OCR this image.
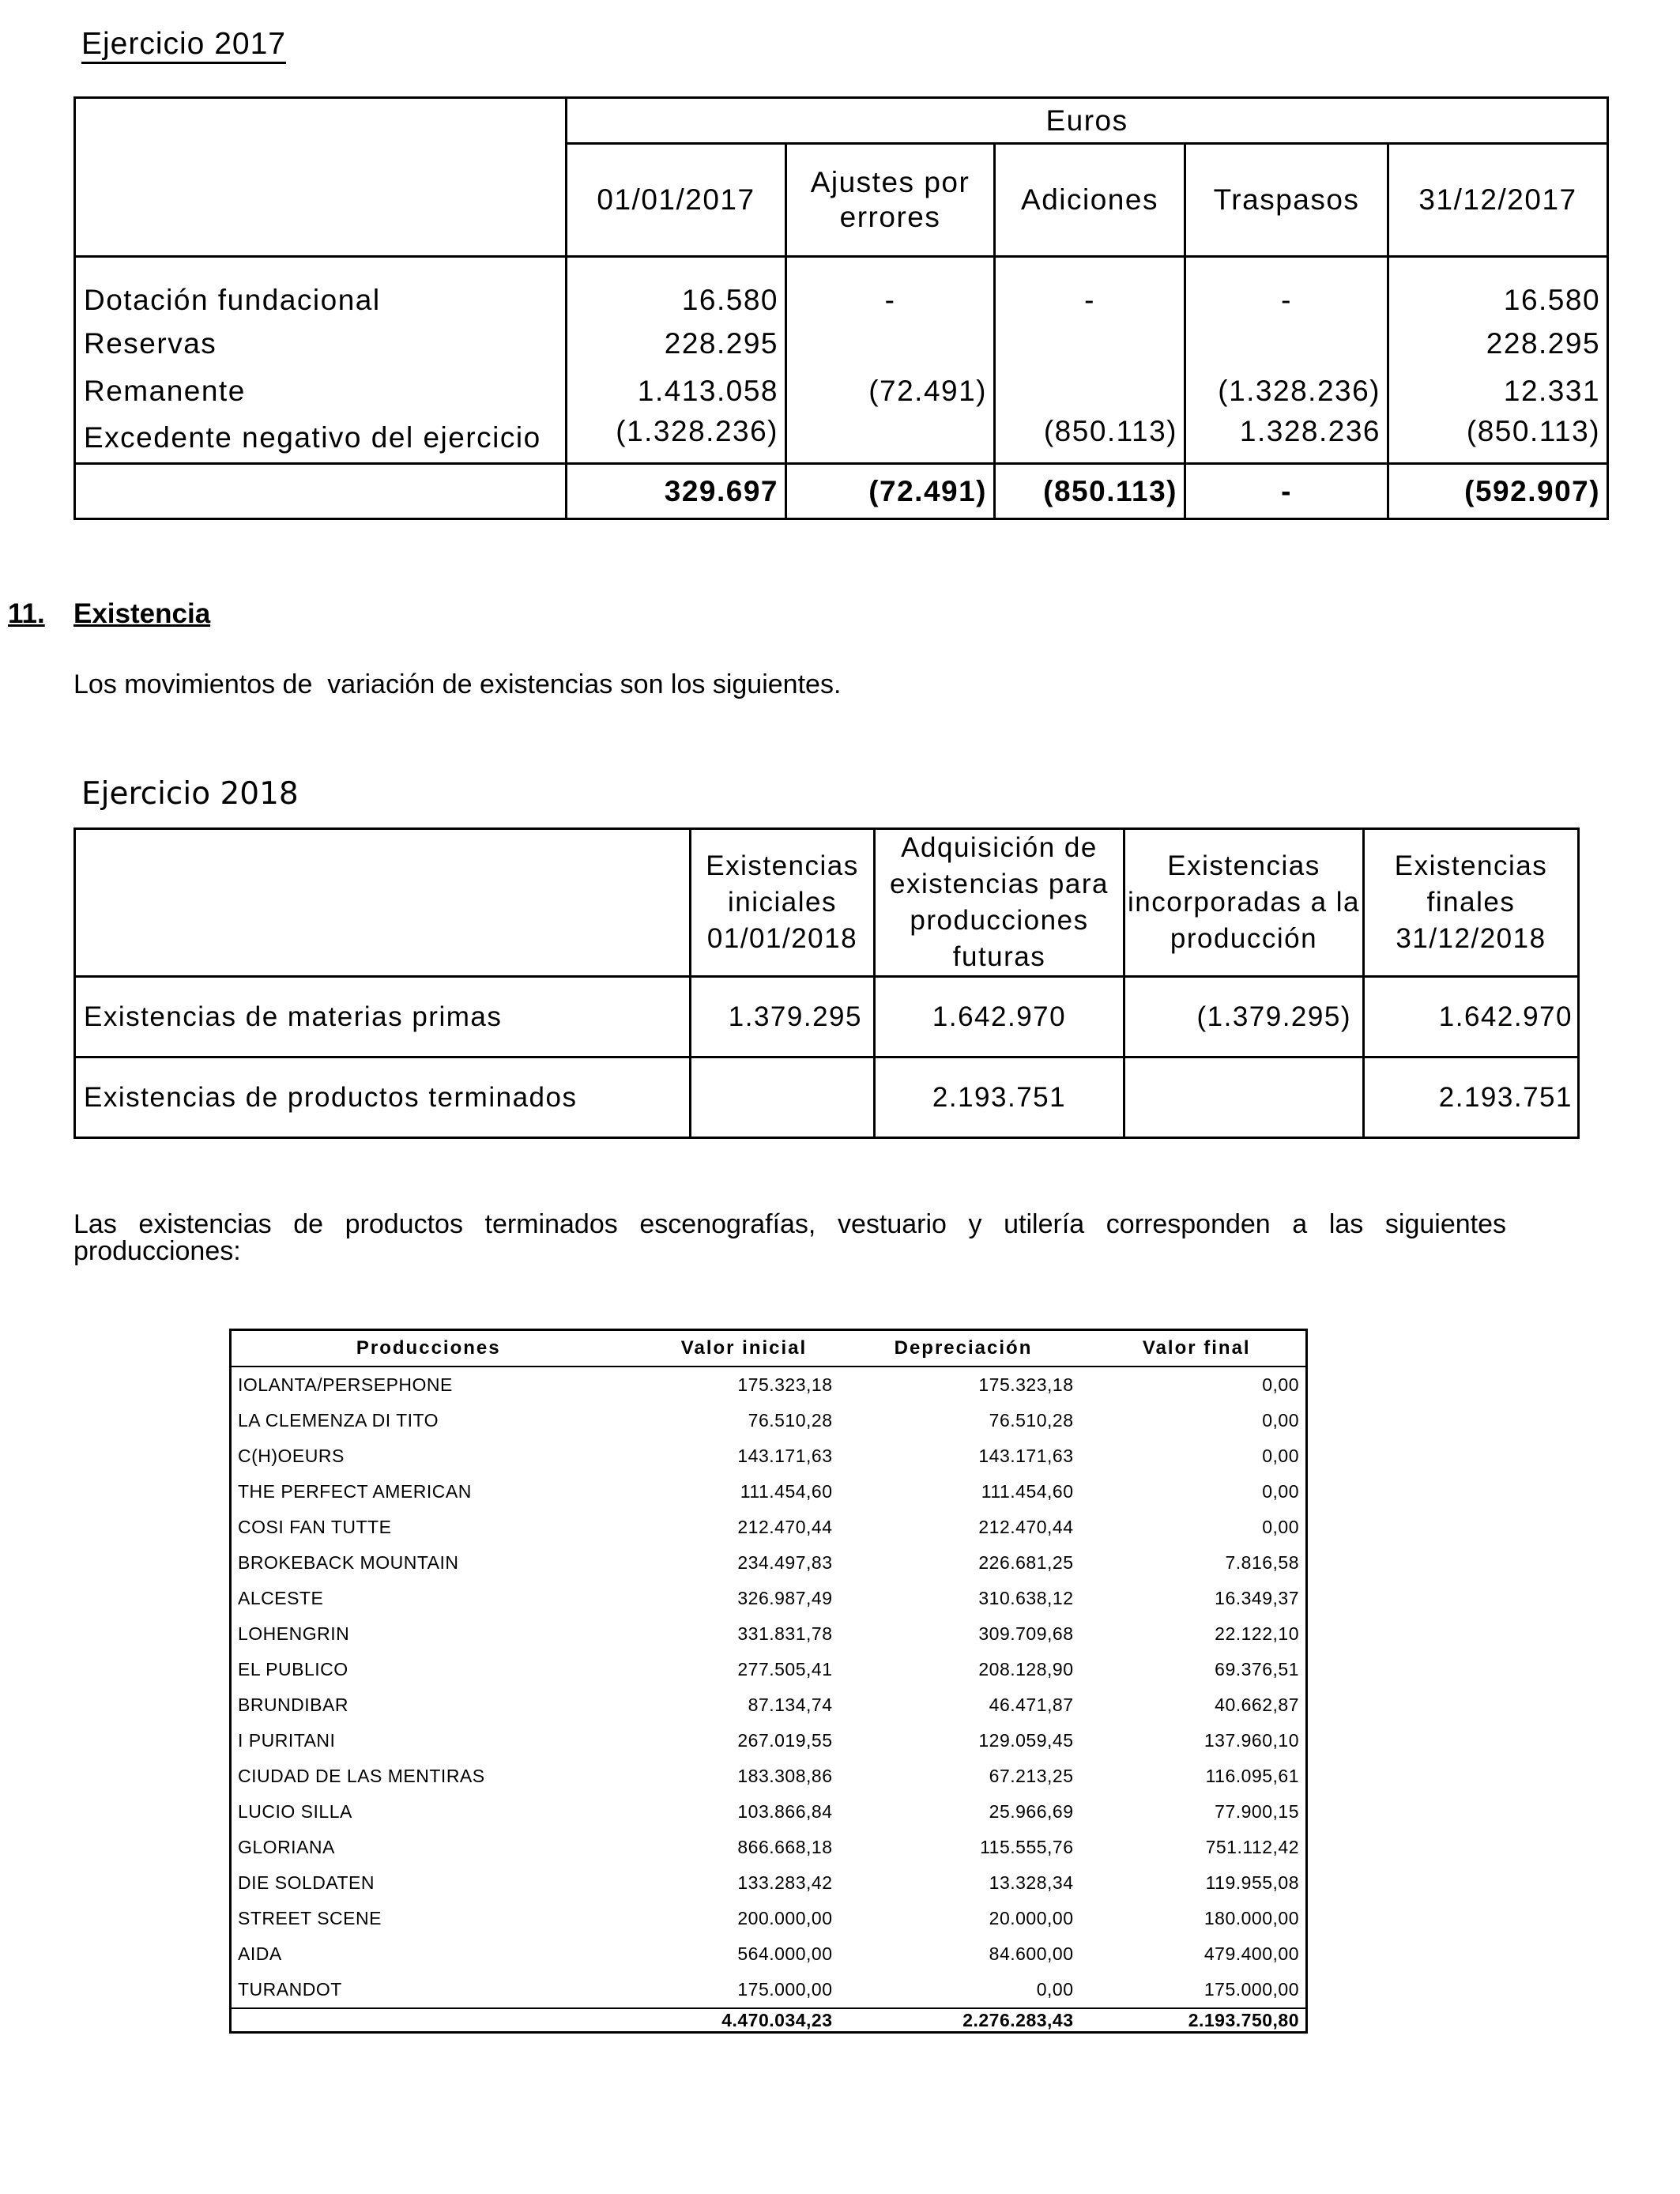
Ejercicio 2017
	Euros				
	01/01/2017	Ajustes por errores	Adiciones	Traspasos	31/12/2017
Dotación fundacional	16.580	-	-	-	16.580
Reservas	228.295				228.295
Remanente	1.413.058	(72.491)		(1.328.236)	12.331
Excedente negativo del ejercicio	(1.328.236)		(850.113)	1.328.236	(850.113)
	329.697	(72.491)	(850.113)	-	(592.907)
11. Existencia
Los movimientos de  variación de existencias son los siguientes.
Ejercicio 2018
	Existencias iniciales 01/01/2018	Adquisición de existencias para producciones futuras	Existencias incorporadas a la producción	Existencias finales 31/12/2018
Existencias de materias primas	1.379.295	1.642.970	(1.379.295)	1.642.970
Existencias de productos terminados		2.193.751		2.193.751
Las existencias de productos terminados escenografías, vestuario y utilería corresponden a las siguientes producciones:
Producciones	Valor inicial	Depreciación	Valor final
IOLANTA/PERSEPHONE	175.323,18	175.323,18	0,00
LA CLEMENZA DI TITO	76.510,28	76.510,28	0,00
C(H)OEURS	143.171,63	143.171,63	0,00
THE PERFECT AMERICAN	111.454,60	111.454,60	0,00
COSI FAN TUTTE	212.470,44	212.470,44	0,00
BROKEBACK MOUNTAIN	234.497,83	226.681,25	7.816,58
ALCESTE	326.987,49	310.638,12	16.349,37
LOHENGRIN	331.831,78	309.709,68	22.122,10
EL PUBLICO	277.505,41	208.128,90	69.376,51
BRUNDIBAR	87.134,74	46.471,87	40.662,87
I PURITANI	267.019,55	129.059,45	137.960,10
CIUDAD DE LAS MENTIRAS	183.308,86	67.213,25	116.095,61
LUCIO SILLA	103.866,84	25.966,69	77.900,15
GLORIANA	866.668,18	115.555,76	751.112,42
DIE SOLDATEN	133.283,42	13.328,34	119.955,08
STREET SCENE	200.000,00	20.000,00	180.000,00
AIDA	564.000,00	84.600,00	479.400,00
TURANDOT	175.000,00	0,00	175.000,00
	4.470.034,23	2.276.283,43	2.193.750,80
